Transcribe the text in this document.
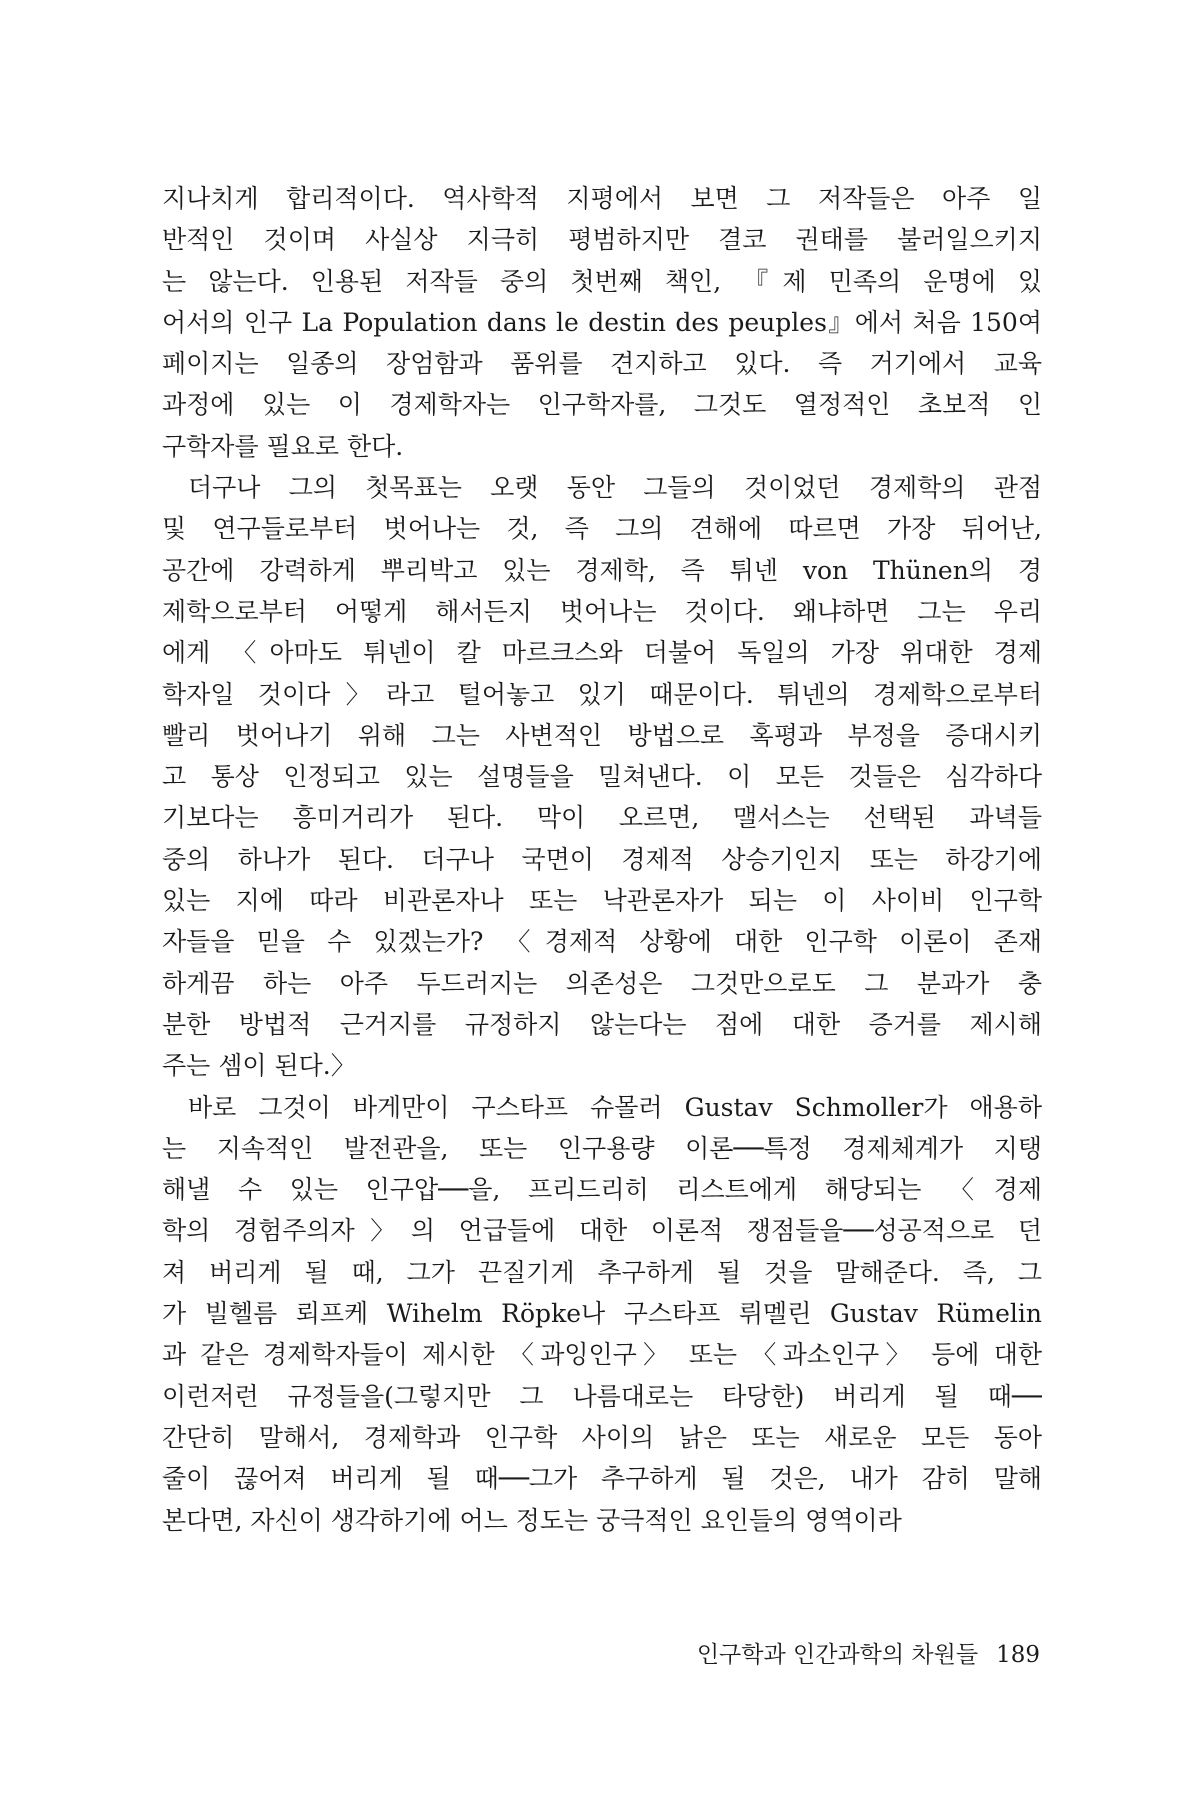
지나치게 합리적이다. 역사학적 지평에서 보면 그 저작들은 아주 일
반적인 것이며 사실상 지극히 평범하지만 결코 권태를 불러일으키지
는 않는다. 인용된 저작들 중의 첫번째 책인, 『제 민족의 운명에 있
어서의 인구 La Population dans le destin des peuples』에서 처음 150여
페이지는 일종의 장엄함과 품위를 견지하고 있다. 즉 거기에서 교육
과정에 있는 이 경제학자는 인구학자를, 그것도 열정적인 초보적 인
구학자를 필요로 한다.
더구나 그의 첫목표는 오랫 동안 그들의 것이었던 경제학의 관점
및 연구들로부터 벗어나는 것, 즉 그의 견해에 따르면 가장 뒤어난,
공간에 강력하게 뿌리박고 있는 경제학, 즉 튀넨 von Thünen의 경
제학으로부터 어떻게 해서든지 벗어나는 것이다. 왜냐하면 그는 우리
에게 〈아마도 튀넨이 칼 마르크스와 더불어 독일의 가장 위대한 경제
학자일 것이다〉라고 털어놓고 있기 때문이다. 튀넨의 경제학으로부터
빨리 벗어나기 위해 그는 사변적인 방법으로 혹평과 부정을 증대시키
고 통상 인정되고 있는 설명들을 밀쳐낸다. 이 모든 것들은 심각하다
기보다는 흥미거리가 된다. 막이 오르면, 맬서스는 선택된 과녁들
중의 하나가 된다. 더구나 국면이 경제적 상승기인지 또는 하강기에
있는 지에 따라 비관론자나 또는 낙관론자가 되는 이 사이비 인구학
자들을 믿을 수 있겠는가? 〈경제적 상황에 대한 인구학 이론이 존재
하게끔 하는 아주 두드러지는 의존성은 그것만으로도 그 분과가 충
분한 방법적 근거지를 규정하지 않는다는 점에 대한 증거를 제시해
주는 셈이 된다.〉
바로 그것이 바게만이 구스타프 슈몰러 Gustav Schmoller가 애용하
는 지속적인 발전관을, 또는 인구용량 이론──특정 경제체계가 지탱
해낼 수 있는 인구압──을, 프리드리히 리스트에게 해당되는 〈경제
학의 경험주의자〉의 언급들에 대한 이론적 쟁점들을──성공적으로 던
져 버리게 될 때, 그가 끈질기게 추구하게 될 것을 말해준다. 즉, 그
가 빌헬름 뢰프케 Wihelm Röpke나 구스타프 뤼멜린 Gustav Rümelin
과 같은 경제학자들이 제시한 〈과잉인구〉 또는 〈과소인구〉 등에 대한
이런저런 규정들을(그렇지만 그 나름대로는 타당한) 버리게 될 때──
간단히 말해서, 경제학과 인구학 사이의 낡은 또는 새로운 모든 동아
줄이 끊어져 버리게 될 때──그가 추구하게 될 것은, 내가 감히 말해
본다면, 자신이 생각하기에 어느 정도는 궁극적인 요인들의 영역이라
인구학과 인간과학의 차원들 189
